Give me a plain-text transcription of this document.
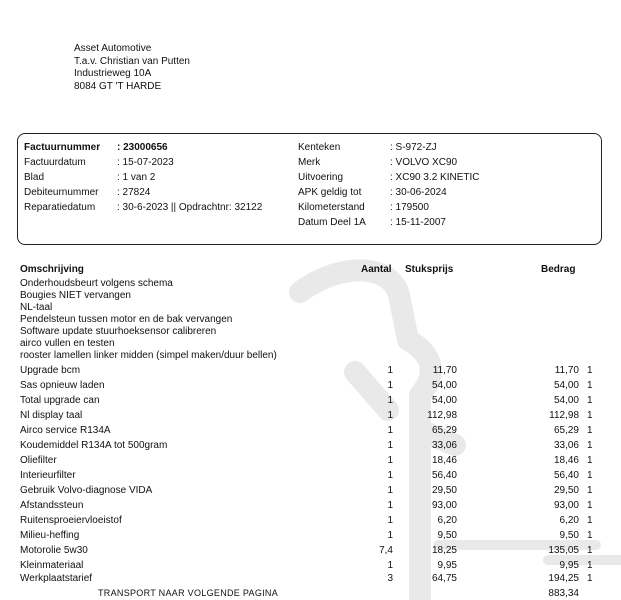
Asset Automotive
T.a.v. Christian van Putten
Industrieweg 10A
8084 GT 'T HARDE
Factuurnummer : 23000656
Factuurdatum	: 15-07-2023
Blad	: 1 van 2
Debiteurnummer : 27824
Reparatiedatum : 30-6-2023 || Opdrachtnr: 32122
Kenteken	: S-972-ZJ
Merk	: VOLVO XC90
Uitvoering	: XC90 3.2 KINETIC
APK geldig tot	: 30-06-2024
Kilometerstand	: 179500
Datum Deel 1A : 15-11-2007
Omschrijving	Aantal Stuksprijs	Bedrag
Onderhoudsbeurt volgens schema
Bougies NIET vervangen
NL-taal
Pendelsteun tussen motor en de bak vervangen
Software update stuurhoeksensor calibreren
airco vullen en testen
rooster lamellen linker midden (simpel maken/duur bellen)
Upgrade bcm	1	11,70	11,70 1
Sas opnieuw laden	1	54,00	54,00 1
Total upgrade can	1	54,00	54,00 1
Nl display taal	1	112,98	112,98 1
Airco service R134A	1	65,29	65,29 1
Koudemiddel R134A tot 500gram	1	33,06	33,06 1
Oliefilter	1	18,46	18,46 1
Interieurfilter	1	56,40	56,40 1
Gebruik Volvo-diagnose VIDA	1	29,50	29,50 1
Afstandssteun	1	93,00	93,00 1
Ruitensproeiervloeistof	1	6,20	6,20 1
Milieu-heffing	1	9,50	9,50 1
Motorolie 5w30	7,4	18,25	135,05 1
Kleinmateriaal	1	9,95	9,95 1
Werkplaatstarief	3	64,75	194,25 1
TRANSPORT NAAR VOLGENDE PAGINA	883,34
